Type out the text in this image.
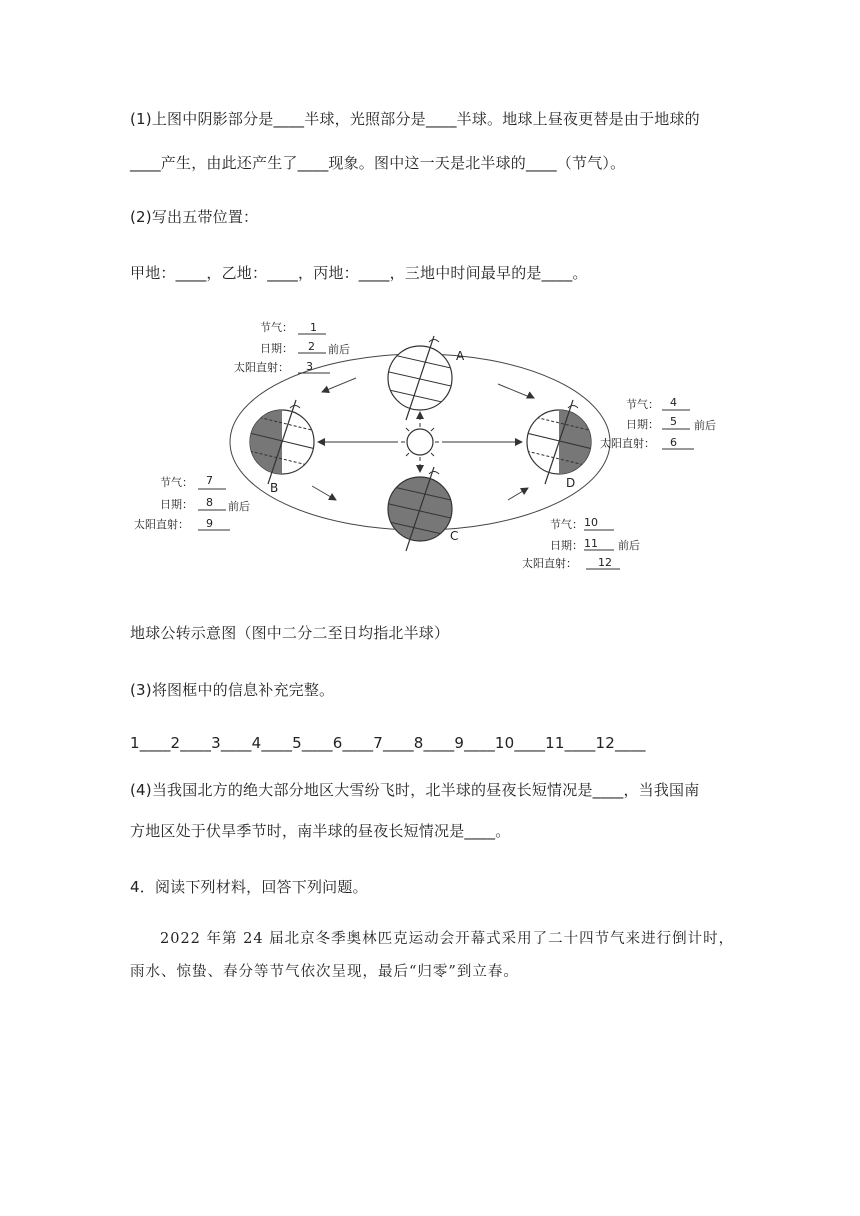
(1)上图中阴影部分是____半球，光照部分是____半球。地球上昼夜更替是由于地球的
____产生，由此还产生了____现象。图中这一天是北半球的____（节气）。
(2)写出五带位置：
甲地：____，乙地：____，丙地：____，三地中时间最早的是____。
A
B
C
D
节气：
日期：
太阳直射：
1
2
3
前后
节气：
日期：
太阳直射：
4
5
6
前后
节气：
日期：
太阳直射：
7
8
9
前后
节气：
日期：
太阳直射：
10
11
12
前后
地球公转示意图（图中二分二至日均指北半球）
(3)将图框中的信息补充完整。
1____2____3____4____5____6____7____8____9____10____11____12____
(4)当我国北方的绝大部分地区大雪纷飞时，北半球的昼夜长短情况是____，当我国南
方地区处于伏旱季节时，南半球的昼夜长短情况是____。
4．阅读下列材料，回答下列问题。
2022 年第 24 届北京冬季奥林匹克运动会开幕式采用了二十四节气来进行倒计时，
雨水、惊蛰、春分等节气依次呈现，最后“归零”到立春。
